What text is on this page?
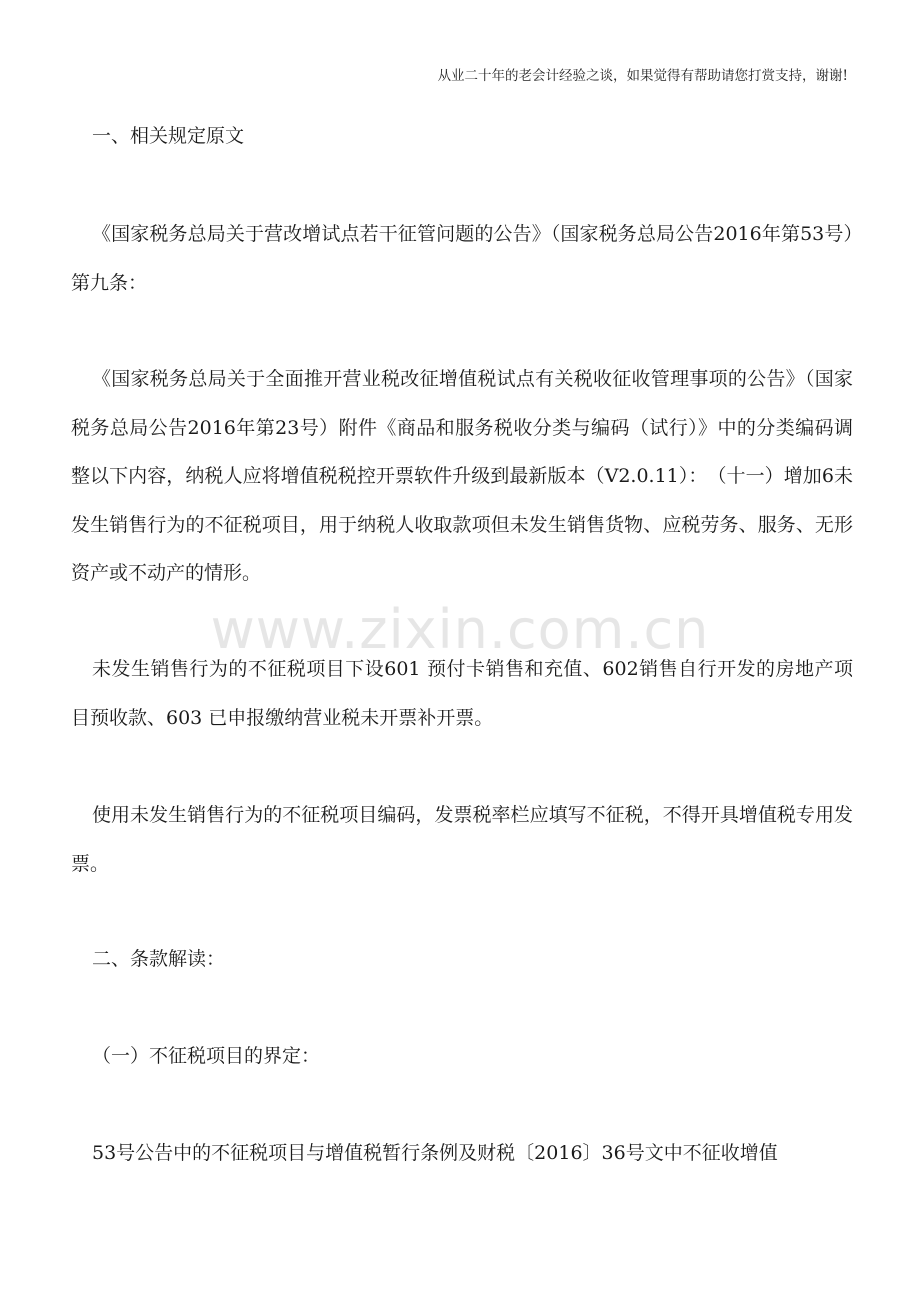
从业二十年的老会计经验之谈，如果觉得有帮助请您打赏支持，谢谢!
www.zixin.com.cn
一、相关规定原文
《国家税务总局关于营改增试点若干征管问题的公告》（国家税务总局公告2016年第53号）第九条：
《国家税务总局关于全面推开营业税改征增值税试点有关税收征收管理事项的公告》（国家税务总局公告2016年第23号）附件《商品和服务税收分类与编码（试行）》中的分类编码调整以下内容，纳税人应将增值税税控开票软件升级到最新版本（V2.0.11）：　（十一）增加6未发生销售行为的不征税项目，用于纳税人收取款项但未发生销售货物、应税劳务、服务、无形资产或不动产的情形。
未发生销售行为的不征税项目下设601 预付卡销售和充值、602销售自行开发的房地产项目预收款、603 已申报缴纳营业税未开票补开票。
使用未发生销售行为的不征税项目编码，发票税率栏应填写不征税，不得开具增值税专用发票。
二、条款解读：
（一）不征税项目的界定：
53号公告中的不征税项目与增值税暂行条例及财税〔2016〕36号文中不征收增值
